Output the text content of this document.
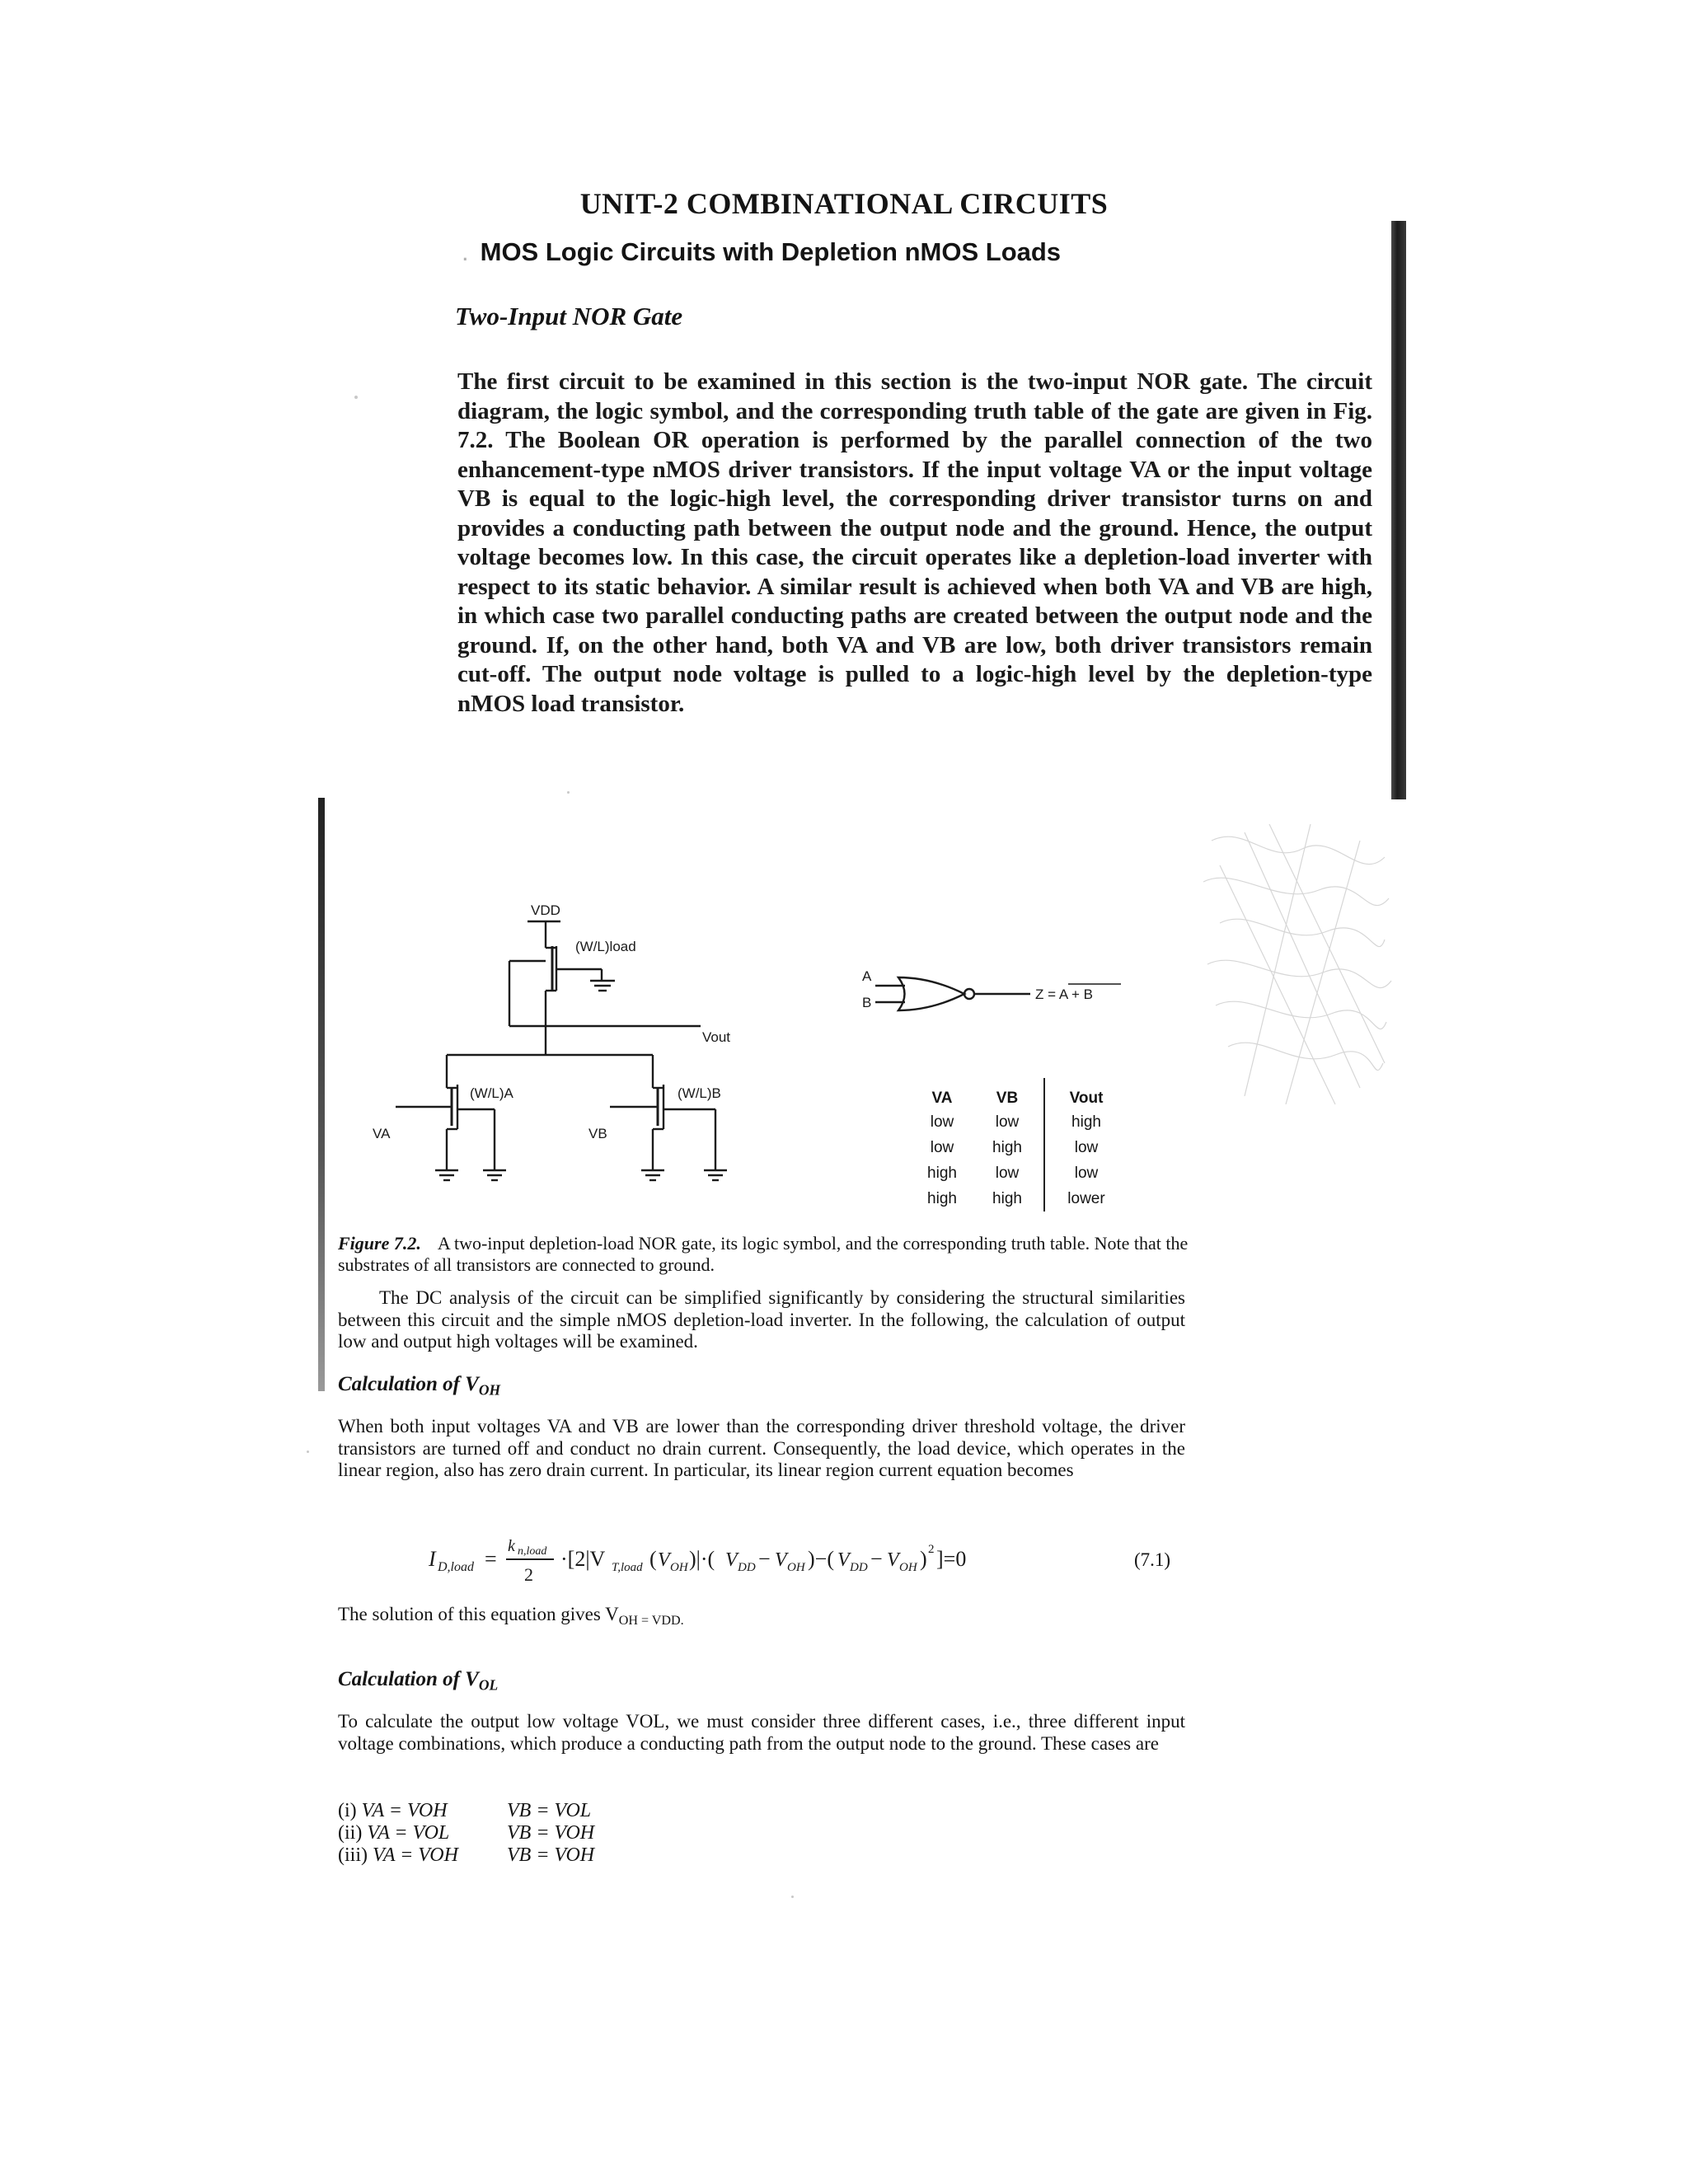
UNIT-2 COMBINATIONAL CIRCUITS
. MOS Logic Circuits with Depletion nMOS Loads
Two-Input NOR Gate

The first circuit to be examined in this section is the two-input NOR gate. The circuit diagram, the logic symbol, and the corresponding truth table of the gate are given in Fig. 7.2. The Boolean OR operation is performed by the parallel connection of the two enhancement-type nMOS driver transistors. If the input voltage VA or the input voltage VB is equal to the logic-high level, the corresponding driver transistor turns on and provides a conducting path between the output node and the ground. Hence, the output voltage becomes low. In this case, the circuit operates like a depletion-load inverter with respect to its static behavior. A similar result is achieved when both VA and VB are high, in which case two parallel conducting paths are created between the output node and the ground. If, on the other hand, both VA and VB are low, both driver transistors remain cut-off. The output node voltage is pulled to a logic-high level by the depletion-type nMOS load transistor.

VDD
(W/L)load
Vout
(W/L)A	(W/L)B
VA	VB
A
B
Z = A + B
VA	VB	Vout
low	low	high
low	high	low
high	low	low
high	high	lower
Figure 7.2. A two-input depletion-load NOR gate, its logic symbol, and the corresponding truth table. Note that the substrates of all transistors are connected to ground.

The DC analysis of the circuit can be simplified significantly by considering the structural similarities between this circuit and the simple nMOS depletion-load inverter. In the following, the calculation of output low and output high voltages will be examined.

Calculation of $V_{OH}$

When both input voltages VA and VB are lower than the corresponding driver threshold voltage, the driver transistors are turned off and conduct no drain current. Consequently, the load device, which operates in the linear region, also has zero drain current. In particular, its linear region current equation becomes

I D,load =
k n,load
2
·[2|V T,load ( V OH )|·( V DD − V OH )−( V DD − V OH ) 2 ]=0	(7.1)
The solution of this equation gives $V_{OH = VDD.}$
Calculation of $V_{OL}$

To calculate the output low voltage VOL, we must consider three different cases, i.e., three different input voltage combinations, which produce a conducting path from the output node to the ground. These cases are

(i) VA = VOH	VB = VOL
(ii) VA = VOL	VB = VOH
(iii) VA = VOH VB = VOH
